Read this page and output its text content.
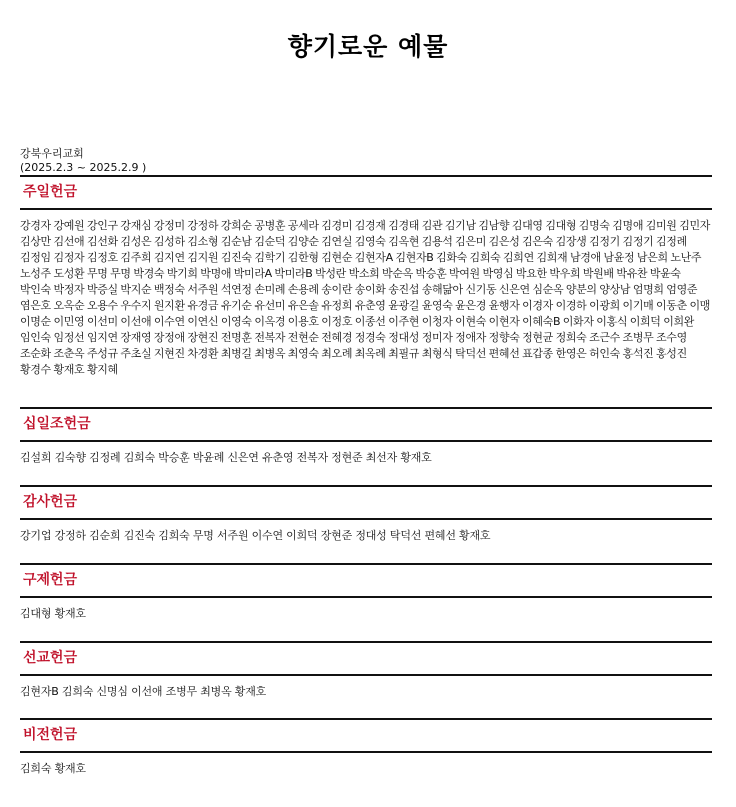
향기로운 예물
강북우리교회
(2025.2.3 ~ 2025.2.9 )
주일헌금
강경자 강예원 강인구 강재심 강정미 강정하 강희순 공병훈 공세라 김경미 김경재 김경태 김관 김기남 김남향 김대영 김대형 김명숙 김명애 김미원 김민자 김상만 김선애 김선화 김성은 김성하 김소형 김순남 김순덕 김양순 김연실 김영숙 김옥현 김용석 김은미 김은성 김은숙 김장생 김정기 김정기 김정례 김정임 김정자 김정호 김주희 김지연 김지원 김진숙 김학기 김한형 김현순 김현자A 김현자B 김화숙 김희숙 김희연 김희재 남경애 남윤정 남은희 노난주 노성주 도성환 무명 무명 박경숙 박기희 박명애 박미라A 박미라B 박성란 박소희 박순옥 박승훈 박여원 박영심 박요한 박우희 박원배 박유찬 박윤숙 박인숙 박정자 박증실 박지순 백정숙 서주원 석연정 손미례 손용례 송이란 송이화 송진섭 송해닮아 신기동 신은연 심순옥 양분의 양상남 엄명희 엄영준 염은호 오옥순 오용수 우수지 원지환 유경금 유기순 유선미 유은솔 유정희 유춘영 윤광길 윤영숙 윤은경 윤행자 이경자 이경하 이광희 이기매 이동춘 이맹 이명순 이민영 이선미 이선애 이수연 이연신 이영숙 이옥경 이용호 이정호 이종선 이주현 이청자 이현숙 이현자 이혜숙B 이화자 이홍식 이희덕 이희완 임인숙 임정선 임지연 장재영 장정애 장현진 전명훈 전복자 전현순 전혜경 정경숙 정대성 정미자 정애자 정향숙 정현균 정희숙 조근수 조병무 조수영 조순화 조춘옥 주성규 주초실 지현진 차경환 최병길 최병옥 최영숙 최오례 최옥례 최필규 최형식 탁덕선 편혜선 표갑종 한영은 허인숙 홍석진 홍성진 황경수 황재호 황지혜
십일조헌금
김설희 김숙향 김정례 김희숙 박승훈 박윤례 신은연 유춘영 전복자 정현준 최선자 황재호
감사헌금
강기업 강정하 김순희 김진숙 김희숙 무명 서주원 이수연 이희덕 장현준 정대성 탁덕선 편혜선 황재호
구제헌금
김대형 황재호
선교헌금
김현자B 김희숙 신명심 이선애 조병무 최병옥 황재호
비전헌금
김희숙 황재호
